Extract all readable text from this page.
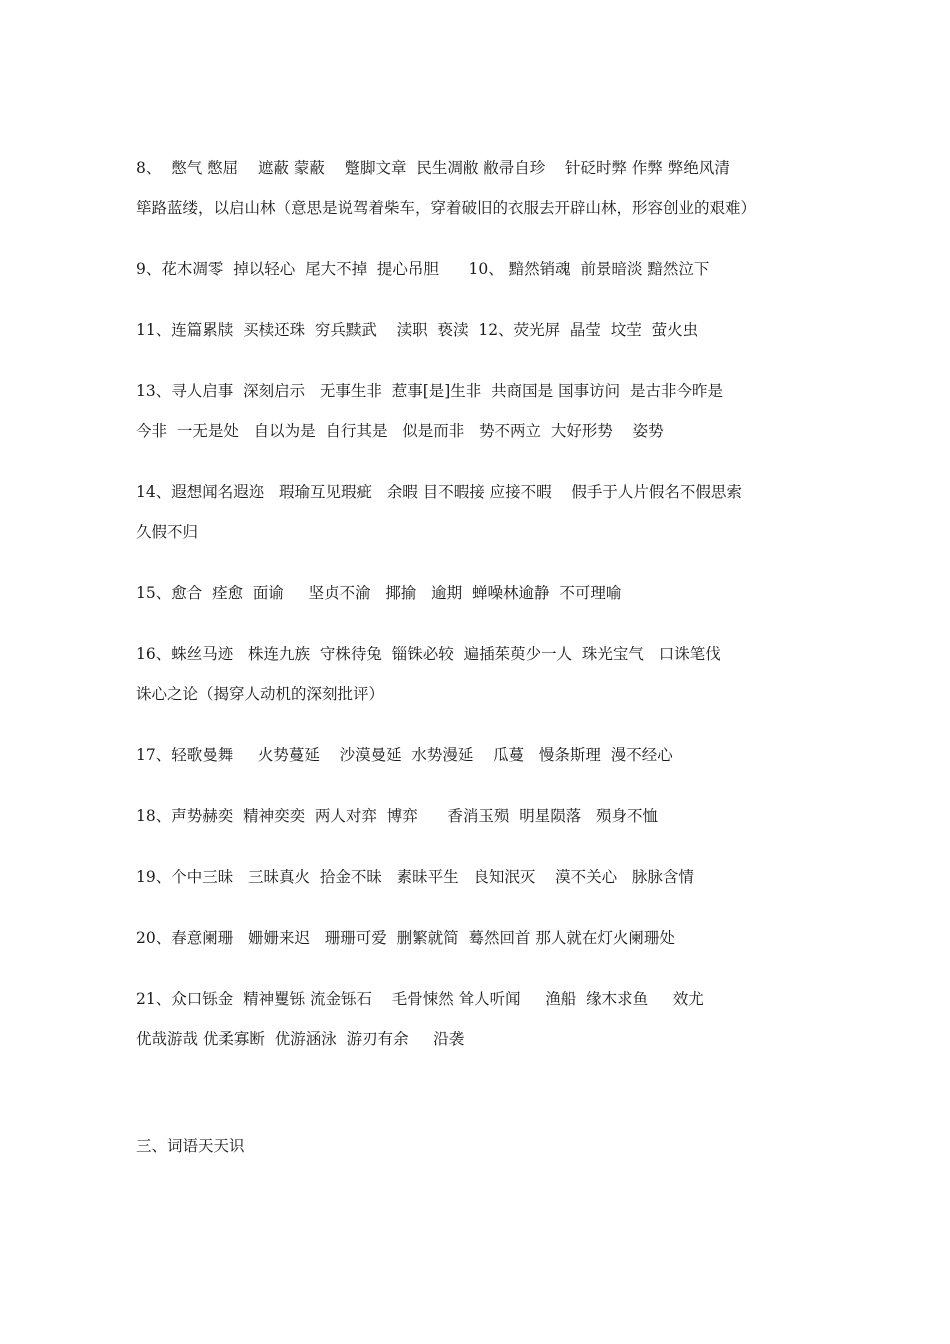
8、  憋气 憋屈    遮蔽 蒙蔽    蹩脚文章  民生凋敝 敝帚自珍    针砭时弊 作弊 弊绝风清
筚路蓝缕，以启山林（意思是说驾着柴车，穿着破旧的衣服去开辟山林，形容创业的艰难）
9、花木凋零  掉以轻心  尾大不掉  提心吊胆      10、 黯然销魂  前景暗淡 黯然泣下
11、连篇累牍  买椟还珠  穷兵黩武    渎职  亵渎  12、荧光屏  晶莹  坟茔  萤火虫
13、寻人启事  深刻启示   无事生非  惹事[是]生非  共商国是 国事访问  是古非今昨是
今非  一无是处   自以为是  自行其是   似是而非   势不两立  大好形势    姿势
14、遐想闻名遐迩   瑕瑜互见瑕疵   余暇 目不暇接 应接不暇    假手于人片假名不假思索
久假不归
15、愈合  痊愈  面谕     坚贞不渝   揶揄   逾期  蝉噪林逾静  不可理喻
16、蛛丝马迹   株连九族  守株待兔  锱铢必较  遍插茱萸少一人  珠光宝气   口诛笔伐
诛心之论（揭穿人动机的深刻批评）
17、轻歌曼舞     火势蔓延    沙漠曼延  水势漫延    瓜蔓   慢条斯理  漫不经心
18、声势赫奕  精神奕奕  两人对弈  博弈      香消玉殒  明星陨落   殒身不恤
19、个中三昧   三昧真火  拾金不昧   素昧平生   良知泯灭    漠不关心   脉脉含情
20、春意阑珊   姗姗来迟   珊珊可爱  删繁就简  蓦然回首 那人就在灯火阑珊处
21、众口铄金  精神矍铄 流金铄石    毛骨悚然 耸人听闻     渔船  缘木求鱼     效尤
优哉游哉 优柔寡断  优游涵泳  游刃有余     沿袭
三、词语天天识
